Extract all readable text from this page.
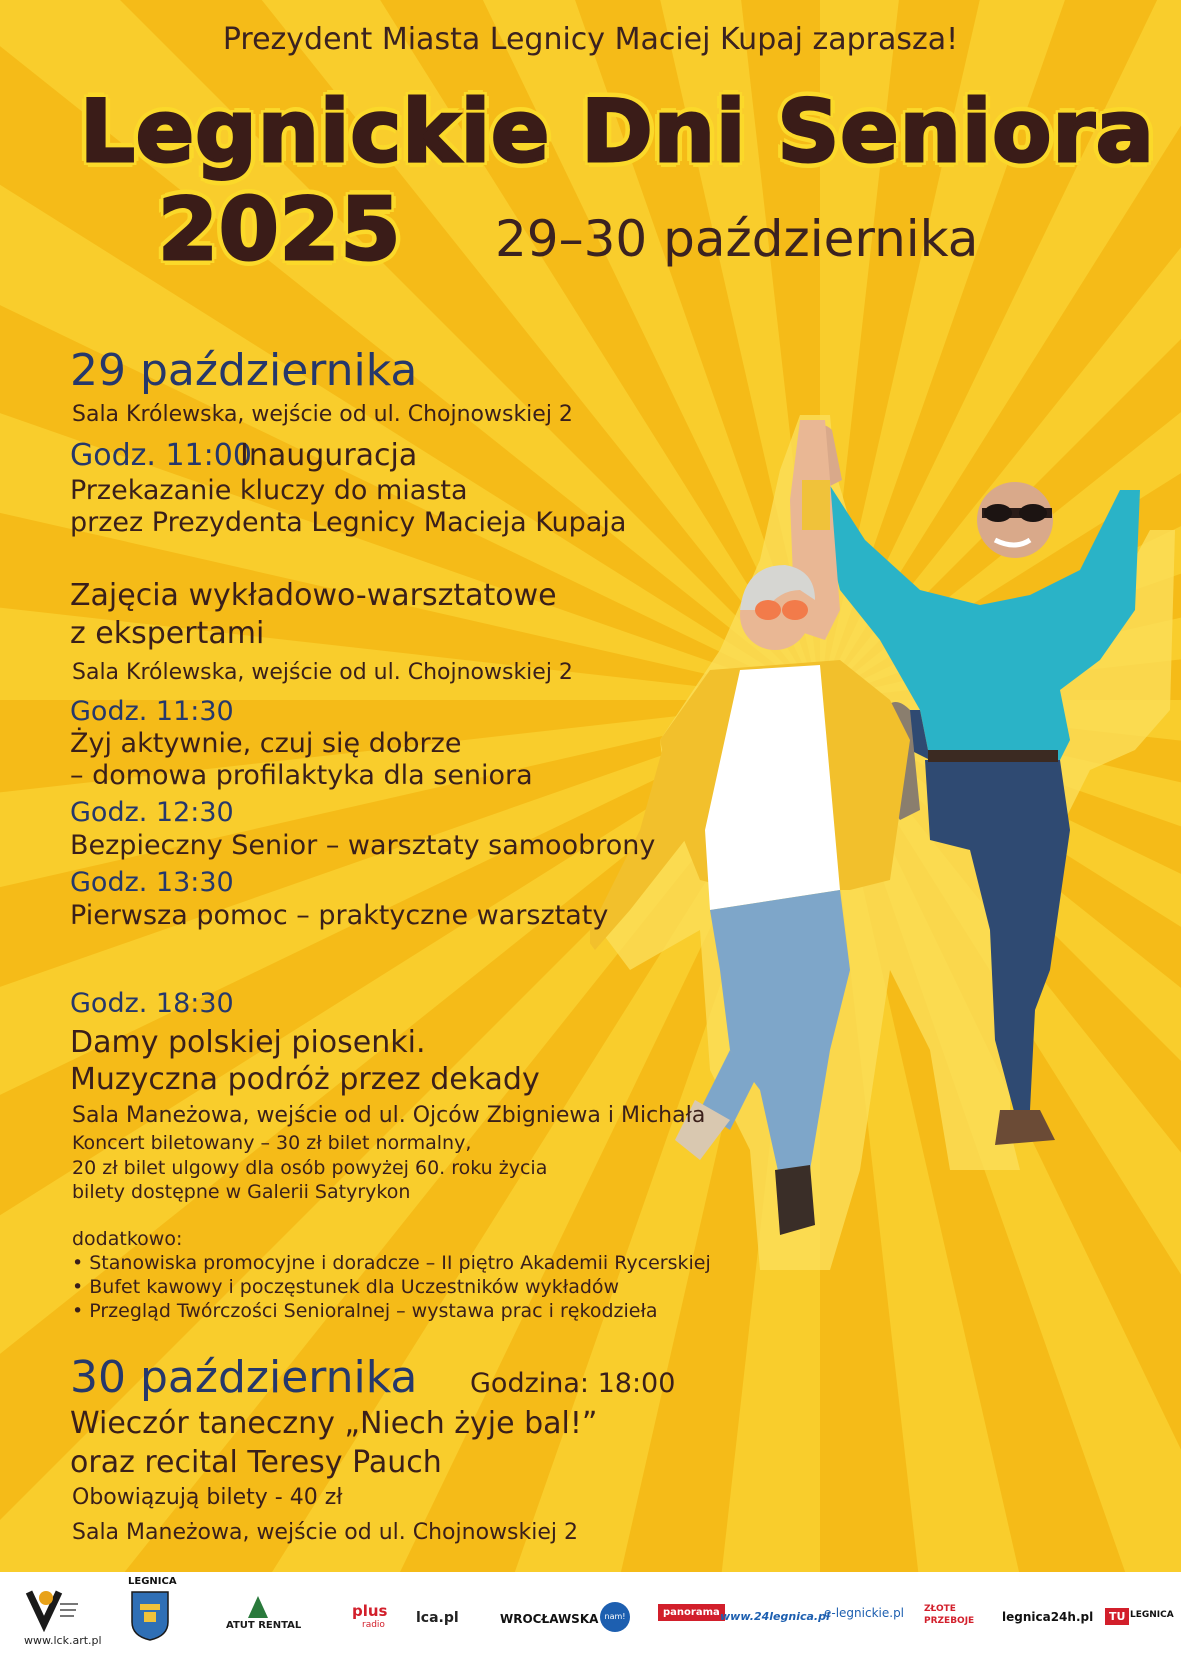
Prezydent Miasta Legnicy Maciej Kupaj zaprasza!
Legnickie Dni Seniora
2025 29–30 października
29 października
Sala Królewska, wejście od ul. Chojnowskiej 2
Godz. 11:00
Inauguracja
Przekazanie kluczy do miasta
przez Prezydenta Legnicy Macieja Kupaja
Zajęcia wykładowo-warsztatowe
z ekspertami
Sala Królewska, wejście od ul. Chojnowskiej 2
Godz. 11:30
Żyj aktywnie, czuj się dobrze
– domowa profilaktyka dla seniora
Godz. 12:30
Bezpieczny Senior – warsztaty samoobrony
Godz. 13:30
Pierwsza pomoc – praktyczne warsztaty
Godz. 18:30
Damy polskiej piosenki.
Muzyczna podróż przez dekady
Sala Maneżowa, wejście od ul. Ojców Zbigniewa i Michała
Koncert biletowany – 30 zł bilet normalny,
20 zł bilet ulgowy dla osób powyżej 60. roku życia
bilety dostępne w Galerii Satyrykon
dodatkowo:
• Stanowiska promocyjne i doradcze – II piętro Akademii Rycerskiej
• Bufet kawowy i poczęstunek dla Uczestników wykładów
• Przegląd Twórczości Senioralnej – wystawa prac i rękodzieła
30 października Godzina: 18:00
Wieczór taneczny „Niech żyje bal!”
oraz recital Teresy Pauch
Obowiązują bilety - 40 zł
Sala Maneżowa, wejście od ul. Chojnowskiej 2
www.lck.art.pl
LEGNICA
ATUT RENTAL
plus
radio lca.pl	WROCŁAWSKA nam!	panorama www.24legnica.pl
e-legnickie.pl ZŁOTE
PRZEBOJE legnica24h.pl	TU LEGNICA
